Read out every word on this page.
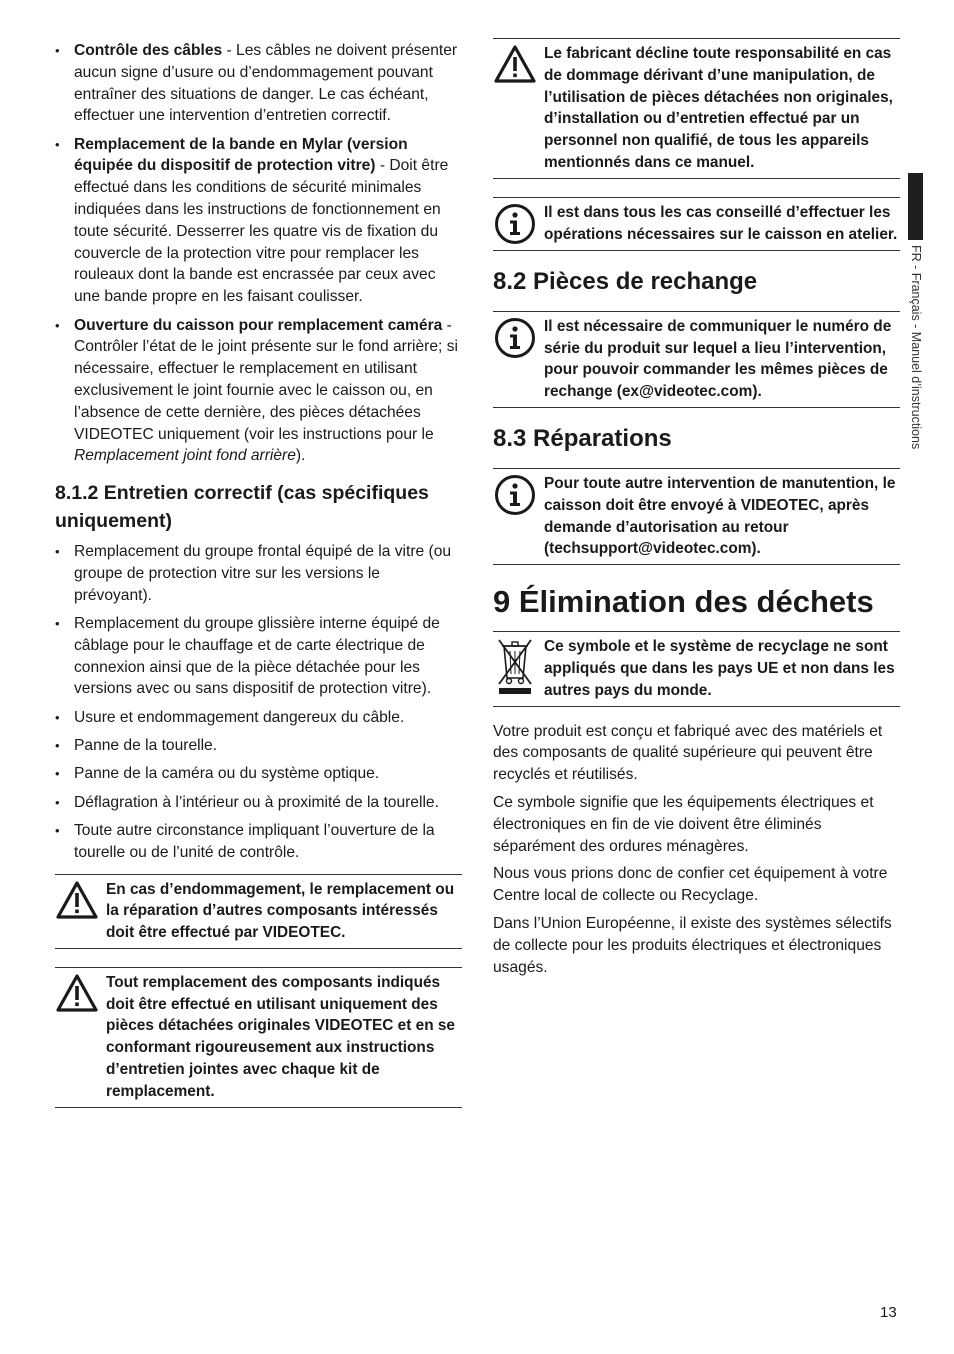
• Contrôle des câbles - Les câbles ne doivent présenter aucun signe d’usure ou d’endommagement pouvant entraîner des situations de danger. Le cas échéant, effectuer une intervention d’entretien correctif.
• Remplacement de la bande en Mylar (version équipée du dispositif de protection vitre) - Doit être effectué dans les conditions de sécurité minimales indiquées dans les instructions de fonctionnement en toute sécurité. Desserrer les quatre vis de fixation du couvercle de la protection vitre pour remplacer les rouleaux dont la bande est encrassée par ceux avec une bande propre en les faisant coulisser.
• Ouverture du caisson pour remplacement caméra - Contrôler l’état de le joint présente sur le fond arrière; si nécessaire, effectuer le remplacement en utilisant exclusivement le joint fournie avec le caisson ou, en l’absence de cette dernière, des pièces détachées VIDEOTEC uniquement (voir les instructions pour le Remplacement joint fond arrière).
8.1.2 Entretien correctif (cas spécifiques uniquement)
• Remplacement du groupe frontal équipé de la vitre (ou groupe de protection vitre sur les versions le prévoyant).
• Remplacement du groupe glissière interne équipé de câblage pour le chauffage et de carte électrique de connexion ainsi que de la pièce détachée pour les versions avec ou sans dispositif de protection vitre).
• Usure et endommagement dangereux du câble.
• Panne de la tourelle.
• Panne de la caméra ou du système optique.
• Déflagration à l’intérieur ou à proximité de la tourelle.
• Toute autre circonstance impliquant l’ouverture de la tourelle ou de l’unité de contrôle.
En cas d’endommagement, le remplacement ou la réparation d’autres composants intéressés doit être effectué par VIDEOTEC.
Tout remplacement des composants indiqués doit être effectué en utilisant uniquement des pièces détachées originales VIDEOTEC et en se conformant rigoureusement aux instructions d’entretien jointes avec chaque kit de remplacement.
Le fabricant décline toute responsabilité en cas de dommage dérivant d’une manipulation, de l’utilisation de pièces détachées non originales, d’installation ou d’entretien effectué par un personnel non qualifié, de tous les appareils mentionnés dans ce manuel.
Il est dans tous les cas conseillé d’effectuer les opérations nécessaires sur le caisson en atelier.
8.2 Pièces de rechange
Il est nécessaire de communiquer le numéro de série du produit sur lequel a lieu l’intervention, pour pouvoir commander les mêmes pièces de rechange (ex@videotec.com).
8.3 Réparations
Pour toute autre intervention de manutention, le caisson doit être envoyé à VIDEOTEC, après demande d’autorisation au retour (techsupport@videotec.com).
9 Élimination des déchets
Ce symbole et le système de recyclage ne sont appliqués que dans les pays UE et non dans les autres pays du monde.

Votre produit est conçu et fabriqué avec des matériels et des composants de qualité supérieure qui peuvent être recyclés et réutilisés.

Ce symbole signifie que les équipements électriques et électroniques en fin de vie doivent être éliminés séparément des ordures ménagères.

Nous vous prions donc de confier cet équipement à votre Centre local de collecte ou Recyclage.

Dans l’Union Européenne, il existe des systèmes sélectifs de collecte pour les produits électriques et électroniques usagés.

FR - Français - Manuel d’instructions
13
